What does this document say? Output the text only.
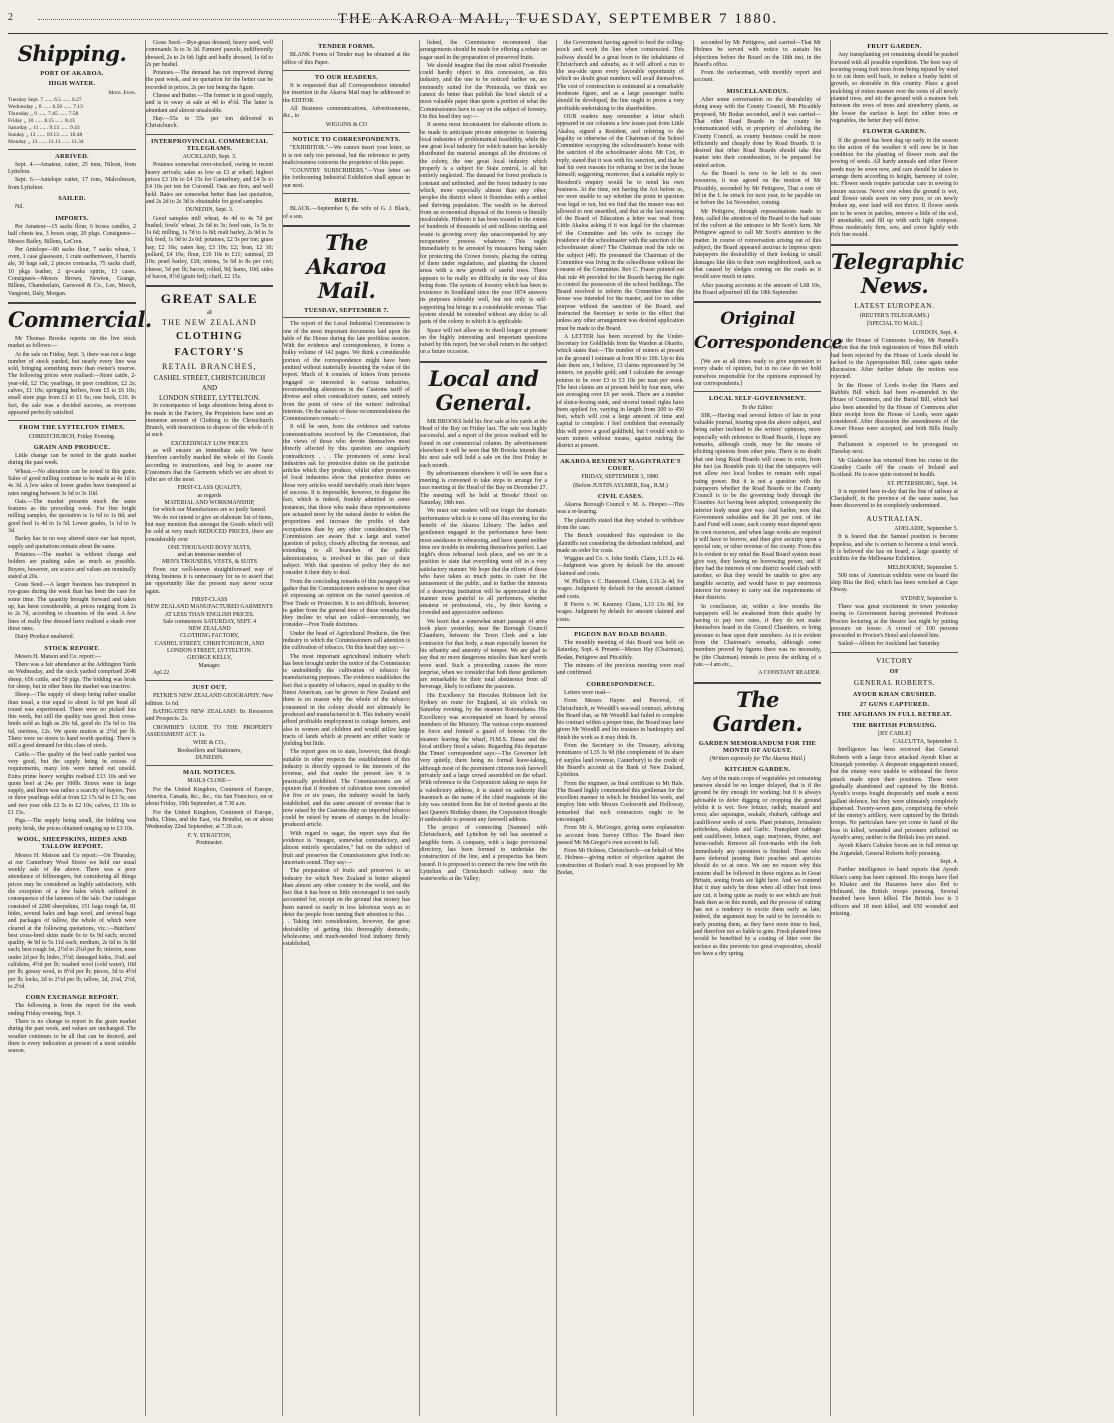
2	THE AKAROA MAIL, TUESDAY, SEPTEMBER 7 1880.
Shipping.
PORT OF AKAROA.
HIGH WATER.
Morn. Even.
Tuesday Sept. 7 ...... 6.5 ...... 6.27
Wednesday ,, 8 ...... 6.50 ...... 7.13
Thursday ,, 9 ...... 7.45 ...... 7.58
Friday ,, 10 ...... 8.15 ...... 8.43
Saturday ,, 11 ...... 9.13 ...... 9.43
Sunday ,, 12 ...... 10.13 ...... 10.48
Monday ,, 13 ...... 11.13 ...... 11.34
ARRIVED.

Sept. 4.—Amateur, cutter, 25 tons, Nilson, from Lyttelton.

Sept. 6.—Antelope cutter, 17 tons, Malcolmson, from Lyttelton.

SAILED.

Nil.

IMPORTS.

Per Amateur—15 sacks flour, 6 boxes candles, 2 half chests tea, 3 boxes soap, 20 pkgs. Consignees—Messrs Bailey, Billens, LeCren.

Per Antelope—80 sacks flour, 7 sacks wheat, 1 oven, 1 case glassware, 1 crate earthenware, 3 barrels ale, 30 bags salt, 2 pieces cornsacks, 75 sacks chaff, 10 pkgs leather, 2 qr-casks spirits, 13 cases. Consignees—Messrs Brown, Newton, Grange, Billens, Chamberlain, Garwood & Co., Lee, Meech, Vangioni, Daly, Morgan.

Commercial.

Mr Thomas Brooks reports on the live stock market as follows:—

At the sale on Friday, Sept. 3, there was not a large number of stock yarded, but nearly every line was sold, bringing something more than owner's reserve. The following prices were realised:—Store cattle, 2-year-old, £2 15s; yearlings, in poor condition, £2 2s; calves, £1 10s; springing heifers, from £5 to £6 10s; small store pigs from £1 to £1 6s; one buck, £10. In fact, the sale was a decided success, as everyone appeared perfectly satisfied.

FROM THE LYTTELTON TIMES.

CHRISTCHURCH, Friday Evening.

GRAIN AND PRODUCE.

Little change can be noted in the grain market during the past week.

Wheat.—No alteration can be noted in this grain. Sales of good milling continue to be made at 4s 1d to 4s 3d. A few sales of lower grades have transpired at rates ranging between 3s 6d to 3s 10d.

Oats.—The market presents much the same features as the preceding week. For fine bright milling samples, the quotation is 1s 6d to 1s 8d; and good feed 1s 4d to 1s 5d. Lower grades, 1s 1d to 1s 3d.

Barley has in no way altered since our last report, supply and quotations remain about the same.

Potatoes.—The market is without change and holders are pushing sales as much as possible. Buyers, however, are scarce and values are nominally stated at 20s.

Grass Seed.—A larger business has transpired in rye-grass during the week than has been the case for some time. The quantity brought forward and taken up, has been considerable, at prices ranging from 2s to 2s 7d, according to cleanness of the seed. A few lines of really fine dressed have realised a shade over these rates.

Dairy Produce unaltered.

STOCK REPORT.

Messrs H. Matson and Co. report:—

There was a fair attendance at the Addington Yards on Wednesday, and the stock yarded comprised 2648 sheep, 656 cattle, and 59 pigs. The bidding was brisk for sheep, but in other lines the market was inactive.

Sheep.—The supply of sheep being rather smaller than usual, a rise equal to about 1s 6d per head all round was experienced. There were no picked lots this week, but still the quality was good. Best cross-breds sold as high as 20s 6d, good do 15s 6d to 16s 6d, merinos, 12s. We quote mutton at 2½d per lb. There were no stores to hand worth quoting. There is still a good demand for this class of stock.

Cattle.—The quality of the beef cattle yarded was very good, but the supply being in excess of requirements, many lots were turned out unsold. Extra prime heavy weights realised £13 10s and we quote beef at 24s per 100lb. Stores were in large supply, and there was rather a scarcity of buyers. Two or three yearlings sold at from £2 17s 6d to £3 5s; one and two year olds £2 5s to £2 10s; calves, £1 10s to £1 15s.

Pigs.—The supply being small, the bidding was pretty brisk, the prices obtained ranging up to £3 10s.

WOOL, SHEEPSKINS, HIDES AND TALLOW REPORT.

Messrs H. Matson and Co report:—On Thursday, at our Canterbury Wool Stores we held our usual weekly sale of the above. There was a poor attendance of fellmongers, but considering all things prices may be considered as highly satisfactory, with the exception of a few bales which suffered in consequence of the lateness of the sale. Our catalogue consisted of 2200 sheepskins, 151 bags rough fat, 81 hides, several bales and bags wool, and several bags and packages of tallow, the whole of which were cleared at the following quotations, viz.:—Butchers' best cross-bred skins made 6s to 6s 9d each; second quality, 4s 9d to 5s 11d each; medium, 2s 6d to 3s 8d each; best rough fat, 2½d to 2¾d per lb; inferior, none under 2d per lb; hides, 3½d; damaged hides, 3¼d; and calfskins, 4½d per lb; washed wool (cold water), 10d per lb; greasy wool, to 8½d per lb; pieces, 3d to 4½d per lb; locks, 2d to 2½d per lb; tallow, 2d, 2¼d, 2½d, to 2½d.

CORN EXCHANGE REPORT.

The following is from the report for the week ending Friday evening, Sept. 3.

There is no change to report in the grain market during the past week, and values are unchanged. The weather continues to be all that can be desired, and there is every indication at present of a most suitable season.

Grass Seed.—Rye-grass dressed, heavy seed, well commands 3s to 3s 3d. Farmers' parcels, indifferently dressed, 2s to 2s 6d; light and badly dressed, 1s 6d to 2s per bushel.

Potatoes.—The demand has not improved during the past week, and no quotation for the better can be recorded in prices, 2s per ton being the figure.

Cheese and Butter.—The former is in good supply, and is to sway at sale at 4d to 4½d. The latter is abundant and almost unsaleable.

Hay.—55s to 55s per ton delivered in Christchurch.

INTERPROVINCIAL COMMERCIAL TELEGRAMS.

AUCKLAND, Sept. 3.

Potatoes somewhat over-stocked, owing to recent heavy arrivals; sales as low as £3 at wharf; highest prices £3 10s to £4 15s for Canterbury, and £4 5s to £4 10s per ton for Coromdl. Oats are firm, and well held. Rates are somewhat better than last quotation, and 2s 2d to 2s 3d is obtainable for good samples.

DUNEDIN, Sept. 3.

Good samples mill wheat, 4s 4d to 4s 7d per bushel; fowls' wheat, 2s 6d to 3s; feed oats, 1s 5s to 1s 6d; milling, 1s 7d to 1s 8d; malt barley, 2s 9d to 3s 6d; feed, 1s 9d to 2s 6d; potatoes, £2 5s per ton; grass hay, £2 10s; oaten hay, £3 10s; £2; bran, £2 10; pollard, £4 10s; flour, £10 10s to £11; oatmeal, £9 10s; pearl barley, £18; onions, 5s 6d to 8s per cwt; cheese, 5d per lb; bacon, rolled, 9d; hams, 10d; sides of bacon, 8½d (grain fed); chaff, £2 15s.

GREAT SALE
at
THE NEW ZEALAND
CLOTHING FACTORY'S
RETAIL BRANCHES,
CASHEL STREET, CHRISTCHURCH
AND
LONDON STREET, LYTTELTON.

In consequence of large alterations being about to be made in the Factory, the Proprietors have sent an immense amount of Clothing to the Christchurch Branch, with instructions to dispose of the whole of it at such

EXCEEDINGLY LOW PRICES

as will ensure an immediate sale. We have therefore carefully marked the whole of the Goods according to instructions, and beg to assure our Customers that the Garments which we are about to offer are of the most

FIRST-CLASS QUALITY,
as regards
MATERIAL AND WORKMANSHIP,
for which our Manufactures are so justly famed.

We do not intend to give an elaborate list of items, but may mention that amongst the Goods which will be sold at very much REDUCED PRICES, there are considerably over

ONE THOUSAND BOYS' SUITS,
and an immense number of
MEN'S TROUSERS, VESTS, & SUITS

From our well-known straightforward way of doing business it is unnecessary for us to assert that an opportunity like the present may never occur again.

FIRST-CLASS
NEW ZEALAND MANUFACTURED GARMENTS
AT LESS THAN ENGLISH PRICES.
Sale commences SATURDAY, SEPT. 4
NEW ZEALAND
CLOTHING FACTORY,
CASHEL STREET, CHRISTCHURCH, AND
LONDON STREET, LYTTELTON.
GEORGE KELLY,
Manager.

Apl 22

JUST OUT.

PETRIE'S NEW ZEALAND GEOGRAPHY. New edition. 1s 6d.

BATHGATE'S NEW ZEALAND: Its Resources and Prospects. 2s.

CROMBIE'S GUIDE TO THE PROPERTY ASSESSMENT ACT. 1s.

WISE & CO.,
Booksellers and Stationers,
DUNEDIN.
MAIL NOTICES.

MAILS CLOSE—

For the United Kingdom, Continent of Europe, America, Canada, &c., &c., via San Francisco, on or about Friday, 10th September, at 7.30 a.m.

For the United Kingdom, Continent of Europe, India, China, and the East, via Brindisi, on or about Wednesday 22nd September, at 7.30 a.m.

F. Y. STRATTON,
Postmaster.
TENDER FORMS.

BLANK Forms of Tender may be obtained at the office of this Paper.

TO OUR READERS.

It is requested that all Correspondence intended for insertion in the Akaroa Mail may be addressed to the EDITOR.

All Business communications, Advertisements, &c., to

WIGGINS & CO

NOTICE TO CORRESPONDENTS.

"EXHIBITOR."—We cannot insert your letter, as it is not only too personal, but the reference to petty maliciousness concerns the proprietor of this paper.

"COUNTRY SUBSCRIBERS."—Your letter on the forthcoming Industrial Exhibition shall appear in our next.

BIRTH.

BLACK.—September 6, the wife of G. J. Black, of a son.

The Akaroa Mail.
TUESDAY, SEPTEMBER 7.

The report of the Local Industrial Commission is one of the most important documents laid upon the table of the House during the late profitless session. With the evidence and correspondence, it forms a bulky volume of 142 pages. We think a considerable portion of the correspondence might have been omitted without materially lessening the value of the report. Much of it consists of letters from persons engaged or interested in various industries, recommending alterations in the Customs tariff of diverse and often contradictory nature, and entirely from the point of view of the writers' individual interests. On the nature of these recommendations the Commissioners remark:—

It will be seen, from the evidence and various communications received by the Commission, that the views of those who devote themselves most directly affected by this question are singularly contradictory. . . . The promoters of some local industries ask for protective duties on the particular articles which they produce, whilst other promoters of local industries show that protective duties on those very articles would inevitably crush their hopes of success. It is impossible, however, to disguise the fact, which is indeed, frankly admitted in some instances, that those who make these representations are actuated more by the natural desire to widen the proportions and increase the profits of their occupations than by any other consideration. The Commission are aware that a large and varied question of policy, closely affecting the revenue, and extending to all branches of the public administration, is involved in this part of their subject. With that question of policy they do not consider it their duty to deal.

From the concluding remarks of this paragraph we gather that the Commissioners endeavor to steer clear of expressing an opinion on the varied question of Free Trade or Protection. It is not difficult, however, to gather from the general tone of these remarks that they incline to what are called—erroneously, we consider—Free Trade doctrines.

Under the head of Agricultural Products, the first industry to which the Commissioners call attention is the cultivation of tobacco. On this head they say:—

The most important agricultural industry which has been brought under the notice of the Commission is undoubtedly the cultivation of tobacco for manufacturing purposes. The evidence establishes the fact that a quantity of tobacco, equal in quality to the finest American, can be grown in New Zealand and there is no reason why the whole of the tobacco consumed in the colony should not ultimately be produced and manufactured in it. This industry would afford profitable employment to cottage farmers, and also to women and children and would utilize large tracts of lands which at present are either waste or yielding but little.

The report goes on to state, however, that though suitable in other respects the establishment of this industry is directly opposed to the interests of the revenue, and that under the present law it is practically prohibited. The Commissioners are of opinion that if freedom of cultivation were conceded for five or six years, the industry would be fairly established, and the same amount of revenue that is now raised by the Customs duty on imported tobacco could be raised by means of stamps in the locally-produced article.

With regard to sugar, the report says that the evidence is "meagre, somewhat contradictory, and almost entirely speculative," but on the subject of fruit and preserves the Commissioners give forth no uncertain sound. They say:—

The preparation of fruits and preserves is an industry for which New Zealand is better adapted than almost any other country in the world, and the fact that it has been so little encouraged is not easily accounted for, except on the ground that money has been earned so easily in less laborious ways as to deter the people from turning their attention to this . . . . Taking into consideration, however, the great desirability of getting this thoroughly domestic, wholesome, and much-needed food industry firmly established,

lished, the Commission recommend that arrangements should be made for offering a rebate on sugar used in the preparation of preserved fruits.

We should imagine that the most rabid Freetrader could hardly object to this concession, as this industry, and the one to be noticed farther on, are eminently suited for the Peninsula, we think we cannot do better than publish the brief sketch of a most valuable paper than quote a portion of what the Commissioners have to say on the subject of forestry. On this head they say:—

It seems most inconsistent for elaborate efforts to be made to anticipate private enterprise in fostering local industries of problematical feasibility, while the one great local industry for which nature has lavishly distributed the material amongst all the divisions of the colony, the one great local industry which properly is a subject for State control, is all but entirely neglected. The demand for forest products is constant and unlimited, and the forest industry is one which, more especially almost than any other, peoples the district where it flourishes with a settled and thriving population. The wealth to be derived from an economical disposal of the forests is literally incalculable. Hitherto it has been wasted to the extent of hundreds of thousands of and millions sterling and waste is growing every day unaccompanied by any recuperative process whatever. This ought immediately to be arrested by measures being taken for protecting the Crown forests, placing the cutting of them under regulations, and planting the cleared areas with a new growth of useful trees. There appears to be really no difficulty in the way of this being done. The system of forestry which has been in existence in Southland since the year 1874 answers its purposes tolerably well, but not only is self-supporting but brings in a considerable revenue. That system should be extended without any delay to all parts of the colony to which it is applicable.

Space will not allow us to dwell longer at present on the highly interesting and important questions raised by this report, but we shall return to the subject on a future occasion.

Local and General.

MR BROOKS held his first sale at his yards at the Head of the Bay on Friday last. The sale was highly successful, and a report of the prices realised will be found in our commercial column. By advertisement elsewhere it will be seen that Mr Brooks intends that his next sale will hold a sale on the first Friday in each month.

By advertisement elsewhere it will be seen that a meeting is convened to take steps to arrange for a race meeting at the Head of the Bay on December 27. The meeting will be held at Brooks' Hotel on Saturday, 18th inst.

We must our readers will not forget the dramatic performance which is to come off this evening for the benefit of the Akaroa Library. The ladies and gentlemen engaged in the performance have been most assiduous in rehearsing, and have spared neither time nor trouble in rendering themselves perfect. Last night's dress rehearsal took place, and we are in a position to state that everything went off in a very satisfactory manner. We hope that the efforts of those who have taken so much pains to cater for the amusement of the public, and to further the interests of a deserving institution will be appreciated in the manner most grateful to all performers, whether amateur or professional, viz., by their having a crowded and appreciative audience.

We learn that a somewhat smart passage of arms took place yesterday, near the Borough Council Chambers, between the Town Clerk and a late contractor for that body, a man especially known for his urbanity and amenity of temper. We are glad to say that no more dangerous missiles than hard words were used. Such a proceeding causes the more surprise, when we consider that both these gentlemen are remarkable for their total abstinence from all beverage, likely to enflame the passions.

His Excellency Sir Hercules Robinson left for Sydney en route for England, at six o'clock on Saturday evening, by the steamer Rotomahana. His Excellency was accompanied on board by several members of the Ministry. The various corps mustered in force and formed a guard of honour. On the steamer leaving the wharf, H.M.S. Danae and the local artillery fired a salute. Regarding this departure the Times' correspondent says:—The Governor left very quietly, there being no formal leave-taking, although most of the prominent citizens took farewell privately and a large crowd assembled on the wharf. With reference to the Corporation taking no steps for a valedictory address, it is stated on authority that inasmuch as the name of the chief magistrate of the city was omitted from the list of invited guests at the last Queen's Birthday dinner, the Corporation thought it undesirable to present any farewell address.

The project of connecting [Sumner] with Christchurch, and Lyttelton by rail has assumed a tangible form. A company, with a large provisional directory, has been formed to undertake the construction of the line, and a prospectus has been issued. It is proposed to connect the new line with the Lyttelton and Christchurch railway near the waterworks at the Valley;

the Government having agreed to feed the rolling-stock and work the line when constructed. This railway should be a great boon to the inhabitants of Christchurch and suburbs, as it will afford a run to the sea-side upon every favorable opportunity of which no doubt great numbers will avail themselves. The cost of construction is estimated at a remarkably moderate figure, and as a large passenger traffic should be developed, the line ought to prove a very profitable undertaking to the shareholders.

OUR readers may remember a letter which appeared in our columns a few issues past from Little Akaloa, signed a Resident, and referring to the legality or otherwise of the Chairman of the School Committee occupying the schoolmaster's house with the sanction of the schoolmaster alone. Mr Cox, in reply, stated that it was with his sanction, and that he had his own reasons for refusing to live in the house himself; suggesting, moreover, that a suitable reply to Resident's enquiry would be to mind his own business. At the time, not having the Act before us, we were unable to say whether the point in question was legal or not, but we find that the master was not allowed to rent unsettled, and that at the last meeting of the Board of Education a letter was read from Little Akaloa asking if it was legal for the chairman of the Committee and his wife to occupy the residence of the schoolmaster with the sanction of the schoolmaster alone? The Chairman read the rule on the subject (48). He presumed the Chairman of the Committee was living in the schoolhouse without the consent of the Committee. Rev C. Fraser pointed out that rule 48 provided for the Boards having the right to control the possession of the school buildings. The Board resolved to inform the Committee that the house was intended for the master, and for no other purpose without the sanction of the Board; and instructed the Secretary to write to the effect that unless any other arrangement was desired application must be made to the Board.

A LETTER has been received by the Under-Secretary for Goldfields from the Warden at Okarito, which states that:—The number of miners at present on the ground I estimate at from 90 to 100. Up to this date there are, I believe, 13 claims represented by 34 miners, on payable gold; and I calculate the average returns to be over £3 to £3 10s per man per week. The best claims are at present held by four men, who are averaging over £6 per week. There are a number of sluice-boxing sunk, and several tunnel rights have been applied for, varying in length from 200 to 450 feet, which will cost a large amount of time and capital to complete. I feel confident that eventually this will prove a good goldfield, but I would wish to warn miners without means, against rushing the district at present.

AKAROA RESIDENT MAGISTRATE'S COURT.

FRIDAY, SEPTEMBER 3, 1880.

(Before JUSTIN AYLMER, Esq., R.M.)

CIVIL CASES.

Akaroa Borough Council v. M. A. Hooper.—This was a re-hearing.

The plaintiffs stated that they wished to withdraw from the case.

The Bench considered this equivalent to the plaintiffs not considering the defendant indebted, and made an order for costs.

Wiggins and Co. v. John Smith. Claim, L15 2s 4d.—Judgment was given by default for the amount claimed and costs.

W. Phillips v. C. Hammond. Claim, L16 2s 4d, for wages. Judgment by default for the amount claimed and costs.

R Ferris v. W. Kearney. Claim, L13 13s 8d, for wages. Judgment by default for amount claimed and costs.

PIGEON BAY ROAD BOARD.

The monthly meeting of this Board was held on Saturday, Sept. 4. Present—Messrs Hay (Chairman), Bodan, Pettigrew and Pitcaithly.

The minutes of the previous meeting were read and confirmed.

CORRESPONDENCE.

Letters were read—

From Messrs Hayns and Perceval, of Christchurch, re Woodill's sea-wall contract, advising the Board that, as Mr Woodill had failed to complete his contract within a proper time, the Board may have given Mr Woodill and his trustees in bankruptcy and finish the work as it may think fit.

From the Secretary to the Treasury, advising remittance of L35 3s 9d (the complement of its share of surplus land revenue, Canterbury) to the credit of the Board's account at the Bank of New Zealand, Lyttelton.

From the engineer, as final certificate to Mr Hale. The Board highly commended this gentleman for the excellent manner in which he finished his work, and employ him with Messrs Cockworth and Holloway, remarked that such contractors ought to be encouraged.

From Mr A. McGregor, giving some explanation re account from Survey Office. The Board then passed Mr McGregor's own account in full.

From Mr Holmes, Christchurch—on behalf of Mrs E. Holmes—giving notice of objection against the construction of Bodan's road. It was proposed by Mr Bodan,

seconded by Mr Pettigrew, and carried—That Mr Holmes be served with notice to sustain his objections before the Board on the 18th inst, in the Board's office.

From the surfaceman, with monthly report and account.

MISCELLANEOUS.

After some conversation on the desirability of doing away with the County Council, Mr Pitcaithly proposed, Mr Bodan seconded, and it was carried—That other Road Boards in the county be communicated with, re propriety of abolishing the County Council, as county business could be more efficiently and cheaply done by Road Boards. It is desired that other Road Boards should take this matter into their consideration, to be prepared for united action.

As the Board is now to be left to its own resources, it was agreed on the motion of Mr Pitcaithly, seconded by Mr Pettigrew, That a rate of 9d in the L be struck for next year, to be payable on or before the 1st November, coming.

Mr Pettigrew, through representations made to him, called the attention of the Board to the bad state of the culvert at the entrance to Mr Scott's farm. Mr Pettigrew agreed to call Mr Scott's attention to the matter. In course of conversation arising out of this subject, the Board appeared anxious to impress upon ratepayers the desirability of their looking to small damages like this in their own neighborhood, such as that caused by sledges coming on the roads as it would save much in rates.

After passing accounts to the amount of L68 10s, the Board adjourned till the 18th September.

Original Correspondence

[We are at all times ready to give expression to every shade of opinion, but in no case do we hold ourselves responsible for the opinions expressed by our correspondents.]

LOCAL SELF-GOVERNMENT.

To the Editor.

SIR,—Having read several letters of late in your valuable journal, bearing upon the above subject, and being rather inclined to the writers' opinions, more especially with reference to Road Boards, I hope my remarks, although crude, may be the means of eliciting opinions from other pens. There is no doubt that one long Road Boards will cease to exist, from the fact (as Bramble puts it) that the ratepayers will not allow two local bodies to remain with equal rating power. But it is not a question with the ratepayers whether the Road Boards or the County Council is to be the governing body through the Counties Act having been adopted; consequently the inferior body must give way. And further, now that Government subsidies and the 20 per cent. of the Land Fund will cease, each county must depend upon its own resources, and when large works are required it will have to borrow, and then give security upon a special rate, or other revenue of the county. From this it is evident to my mind the Road Board system must give way, they having no borrowing power, and if they had the interests of one district would clash with another, so that they would be unable to give any tangible security, and would have to pay enormous interest for money to carry out the requirements of their districts.

In conclusion, sir, within a few months the ratepayers will be awakened from their apathy by having to pay two rates, if they do not make themselves heard in the Council Chambers, or bring pressure to bear upon their members. As it is evident from the Chairman's remarks, although some members proved by figures there was no necessity, he (the Chairman) intends to press the striking of a rate.—I am etc.,

A CONSTANT READER.

The Garden.
GARDEN MEMORANDUM FOR THE MONTH OF AUGUST.

(Written expressly for The Akaroa Mail.)

KITCHEN GARDEN.

Any of the main crops of vegetables yet remaining unsown should be no longer delayed, that is if the ground be dry enough for working; but it is always advisable to defer digging or cropping the ground whilst it is wet. Sow lettuce, radish, mustard and cress; also asparagus, seakale, rhubarb, cabbage and cauliflower seeds of sorts. Plant potatoes, Jerusalem artichokes, shalots and Garlic. Transplant cabbage and cauliflower, lettuce, sage, marjoram, thyme, and horse-radish. Remove all foot-marks with the fork immediately any operation is finished. Those who have deferred pruning their peaches and apricots should do so at once. We see no reason why this custom shall be followed in these regions as in Great Britain, seeing frosts are light here. And we contend that it may safely be done when all other fruit trees are cut, it being quite as ready to see which are fruit buds then as in this month, and the process of cutting has not a tendency to excite them early as late; indeed, the argument may be said to be favorable to early pruning them, as they have more time to heal, and therefore not so liable to gum. Fresh planted trees would be benefited by a coating of litter over the surface as this prevents too great evaporation, should we have a dry spring.

FRUIT GARDEN.

Any transplanting yet remaining should be pushed forward with all possible expedition. The best way of securing young fruit trees from being injured by wind is to cut them well back, to induce a bushy habit of growth, so desirable in this country. Place a good mulching of rotten manure over the roots of all newly planted trees, and stir the ground with a manure fork between the rows of trees and strawberry plants, as the looser the surface is kept for either trees or vegetables, the better they will thrive.

FLOWER GARDEN.

If the ground has been dug up early in the season to the action of the weather it will now be in fine condition for the planting of flower roots and the sowing of seeds. All hardy annuals and other flower seeds may be sown now, and care should be taken to arrange them according to height, harmony of color, etc. Flower seeds require particular care in sowing to ensure success. Never sow when the ground is wet, and flower seeds sown on very poor, or on newly broken up, sour land will not thrive. If flower seeds are to be sown in patches, remove a little of the soil, if unsuitable, and fill up with such light compost. Press moderately firm, sow, and cover lightly with rich fine mould.

Telegraphic News.
LATEST EUROPEAN.

(REUTER'S TELEGRAMS.)

[SPECIAL TO MAIL.]

LONDON, Sept. 4.

In the House of Commons to-day, Mr Parnell's motion that the Irish registration of Votes Bill which had been rejected by the House of Lords should be tacked to the Appropriation Bill, came again under discussion. After further debate the motion was rejected.

In the House of Lords to-day the Hares and Rabbits Bill which had been re-amended in the House of Commons, and the Burial Bill, which had also been amended by the House of Commons after their receipt from the House of Lords, were again considered. After discussion the amendments of the Lower House were accepted, and both Bills finally passed.

Parliament is expected to be prorogued on Tuesday next.

Mr Gladstone has returned from his cruise in the Grantley Castle off the coasts of Ireland and Scotland. He is now quite restored in health.

ST. PETERSBURG, Sept. 14.

It is reported here to-day that the line of railway at Charjahoff, in the province of the same name, has been discovered to be completely undermined.

AUSTRALIAN.

ADELAIDE, September 5.

It is feared that the Samuel position is become hopeless, and she is certain to become a total wreck. It is believed she has on board, a large quantity of exhibits for the Melbourne Exhibition.

MELBOURNE, September 5.

500 tons of American exhibits were on board the ship Rita the Red, which has been wrecked at Cape Otway.

SYDNEY, September 6.

There was great excitement in town yesterday owing to Government having prevented Professor Proctor lecturing at the theatre last night by putting pressure on lessee. A crowd of 100 persons proceeded to Proctor's Hotel and cheered him.

Sailed—Albion for Auckland last Saturday.

VICTORY
OF
GENERAL ROBERTS.
AYOUB KHAN CRUSHED.
27 GUNS CAPTURED.
THE AFGHANS IN FULL RETREAT.
THE BRITISH PURSUING.

[BY CABLE]

CALCUTTA, September 3.

Intelligence has been received that General Roberts with a large force attacked Ayoub Khan at Umanjah yesterday. A desperate engagement ensued, but the enemy were unable to withstand the fierce attack made upon their positions. These were gradually abandoned and captured by the British. Ayoub's troops fought desperately and made a most gallant defence, but they were ultimately completely dispersed. Twenty-seven guns, comprising the whole of the enemy's artillery, were captured by the British troops. No particulars have yet come to hand of the loss in killed, wounded and prisoners inflicted on Ayoub's army, neither is the British loss yet stated.

Ayoub Khan's Cabulee forces are in full retreat up the Argandab, General Roberts hotly pursuing.

Sept. 4.

Further intelligence to hand reports that Ayoub Khan's camp has been captured. His troops have fled to Khakrz and the Hazarees have also fled to Helmand, the British troops pursuing. Several hundred have been killed. The British loss is 3 officers and 18 men killed, and 650 wounded and missing.
